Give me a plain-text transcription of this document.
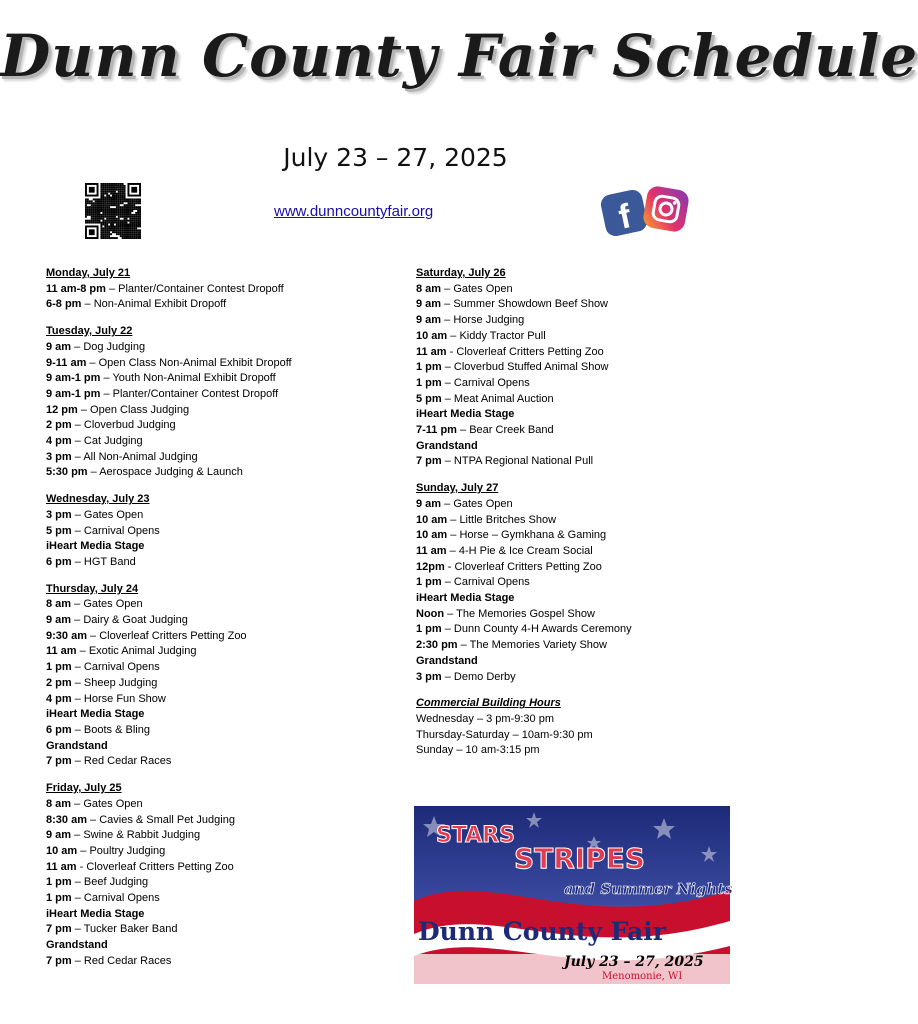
Dunn County Fair Schedule
July 23 – 27, 2025
www.dunncountyfair.org	f
Monday, July 21
11 am-8 pm – Planter/Container Contest Dropoff
6-8 pm – Non-Animal Exhibit Dropoff
Tuesday, July 22
9 am – Dog Judging
9-11 am – Open Class Non-Animal Exhibit Dropoff
9 am-1 pm – Youth Non-Animal Exhibit Dropoff
9 am-1 pm – Planter/Container Contest Dropoff
12 pm – Open Class Judging
2 pm – Cloverbud Judging
4 pm – Cat Judging
3 pm – All Non-Animal Judging
5:30 pm – Aerospace Judging & Launch
Wednesday, July 23
3 pm – Gates Open
5 pm – Carnival Opens
iHeart Media Stage
6 pm – HGT Band
Thursday, July 24
8 am – Gates Open
9 am – Dairy & Goat Judging
9:30 am – Cloverleaf Critters Petting Zoo
11 am – Exotic Animal Judging
1 pm – Carnival Opens
2 pm – Sheep Judging
4 pm – Horse Fun Show
iHeart Media Stage
6 pm – Boots & Bling
Grandstand
7 pm – Red Cedar Races
Friday, July 25
8 am – Gates Open
8:30 am – Cavies & Small Pet Judging
9 am – Swine & Rabbit Judging
10 am – Poultry Judging
11 am - Cloverleaf Critters Petting Zoo
1 pm – Beef Judging
1 pm – Carnival Opens
iHeart Media Stage
7 pm – Tucker Baker Band
Grandstand
7 pm – Red Cedar Races
Saturday, July 26
8 am – Gates Open
9 am – Summer Showdown Beef Show
9 am – Horse Judging
10 am – Kiddy Tractor Pull
11 am - Cloverleaf Critters Petting Zoo
1 pm – Cloverbud Stuffed Animal Show
1 pm – Carnival Opens
5 pm – Meat Animal Auction
iHeart Media Stage
7-11 pm – Bear Creek Band
Grandstand
7 pm – NTPA Regional National Pull
Sunday, July 27
9 am – Gates Open
10 am – Little Britches Show
10 am – Horse – Gymkhana & Gaming
11 am – 4-H Pie & Ice Cream Social
12pm - Cloverleaf Critters Petting Zoo
1 pm – Carnival Opens
iHeart Media Stage
Noon – The Memories Gospel Show
1 pm – Dunn County 4-H Awards Ceremony
2:30 pm – The Memories Variety Show
Grandstand
3 pm – Demo Derby
Commercial Building Hours
Wednesday – 3 pm-9:30 pm
Thursday-Saturday – 10am-9:30 pm
Sunday – 10 am-3:15 pm
STARS
STRIPES
and Summer Nights
Dunn County Fair
July 23 – 27, 2025
Menomonie, WI
